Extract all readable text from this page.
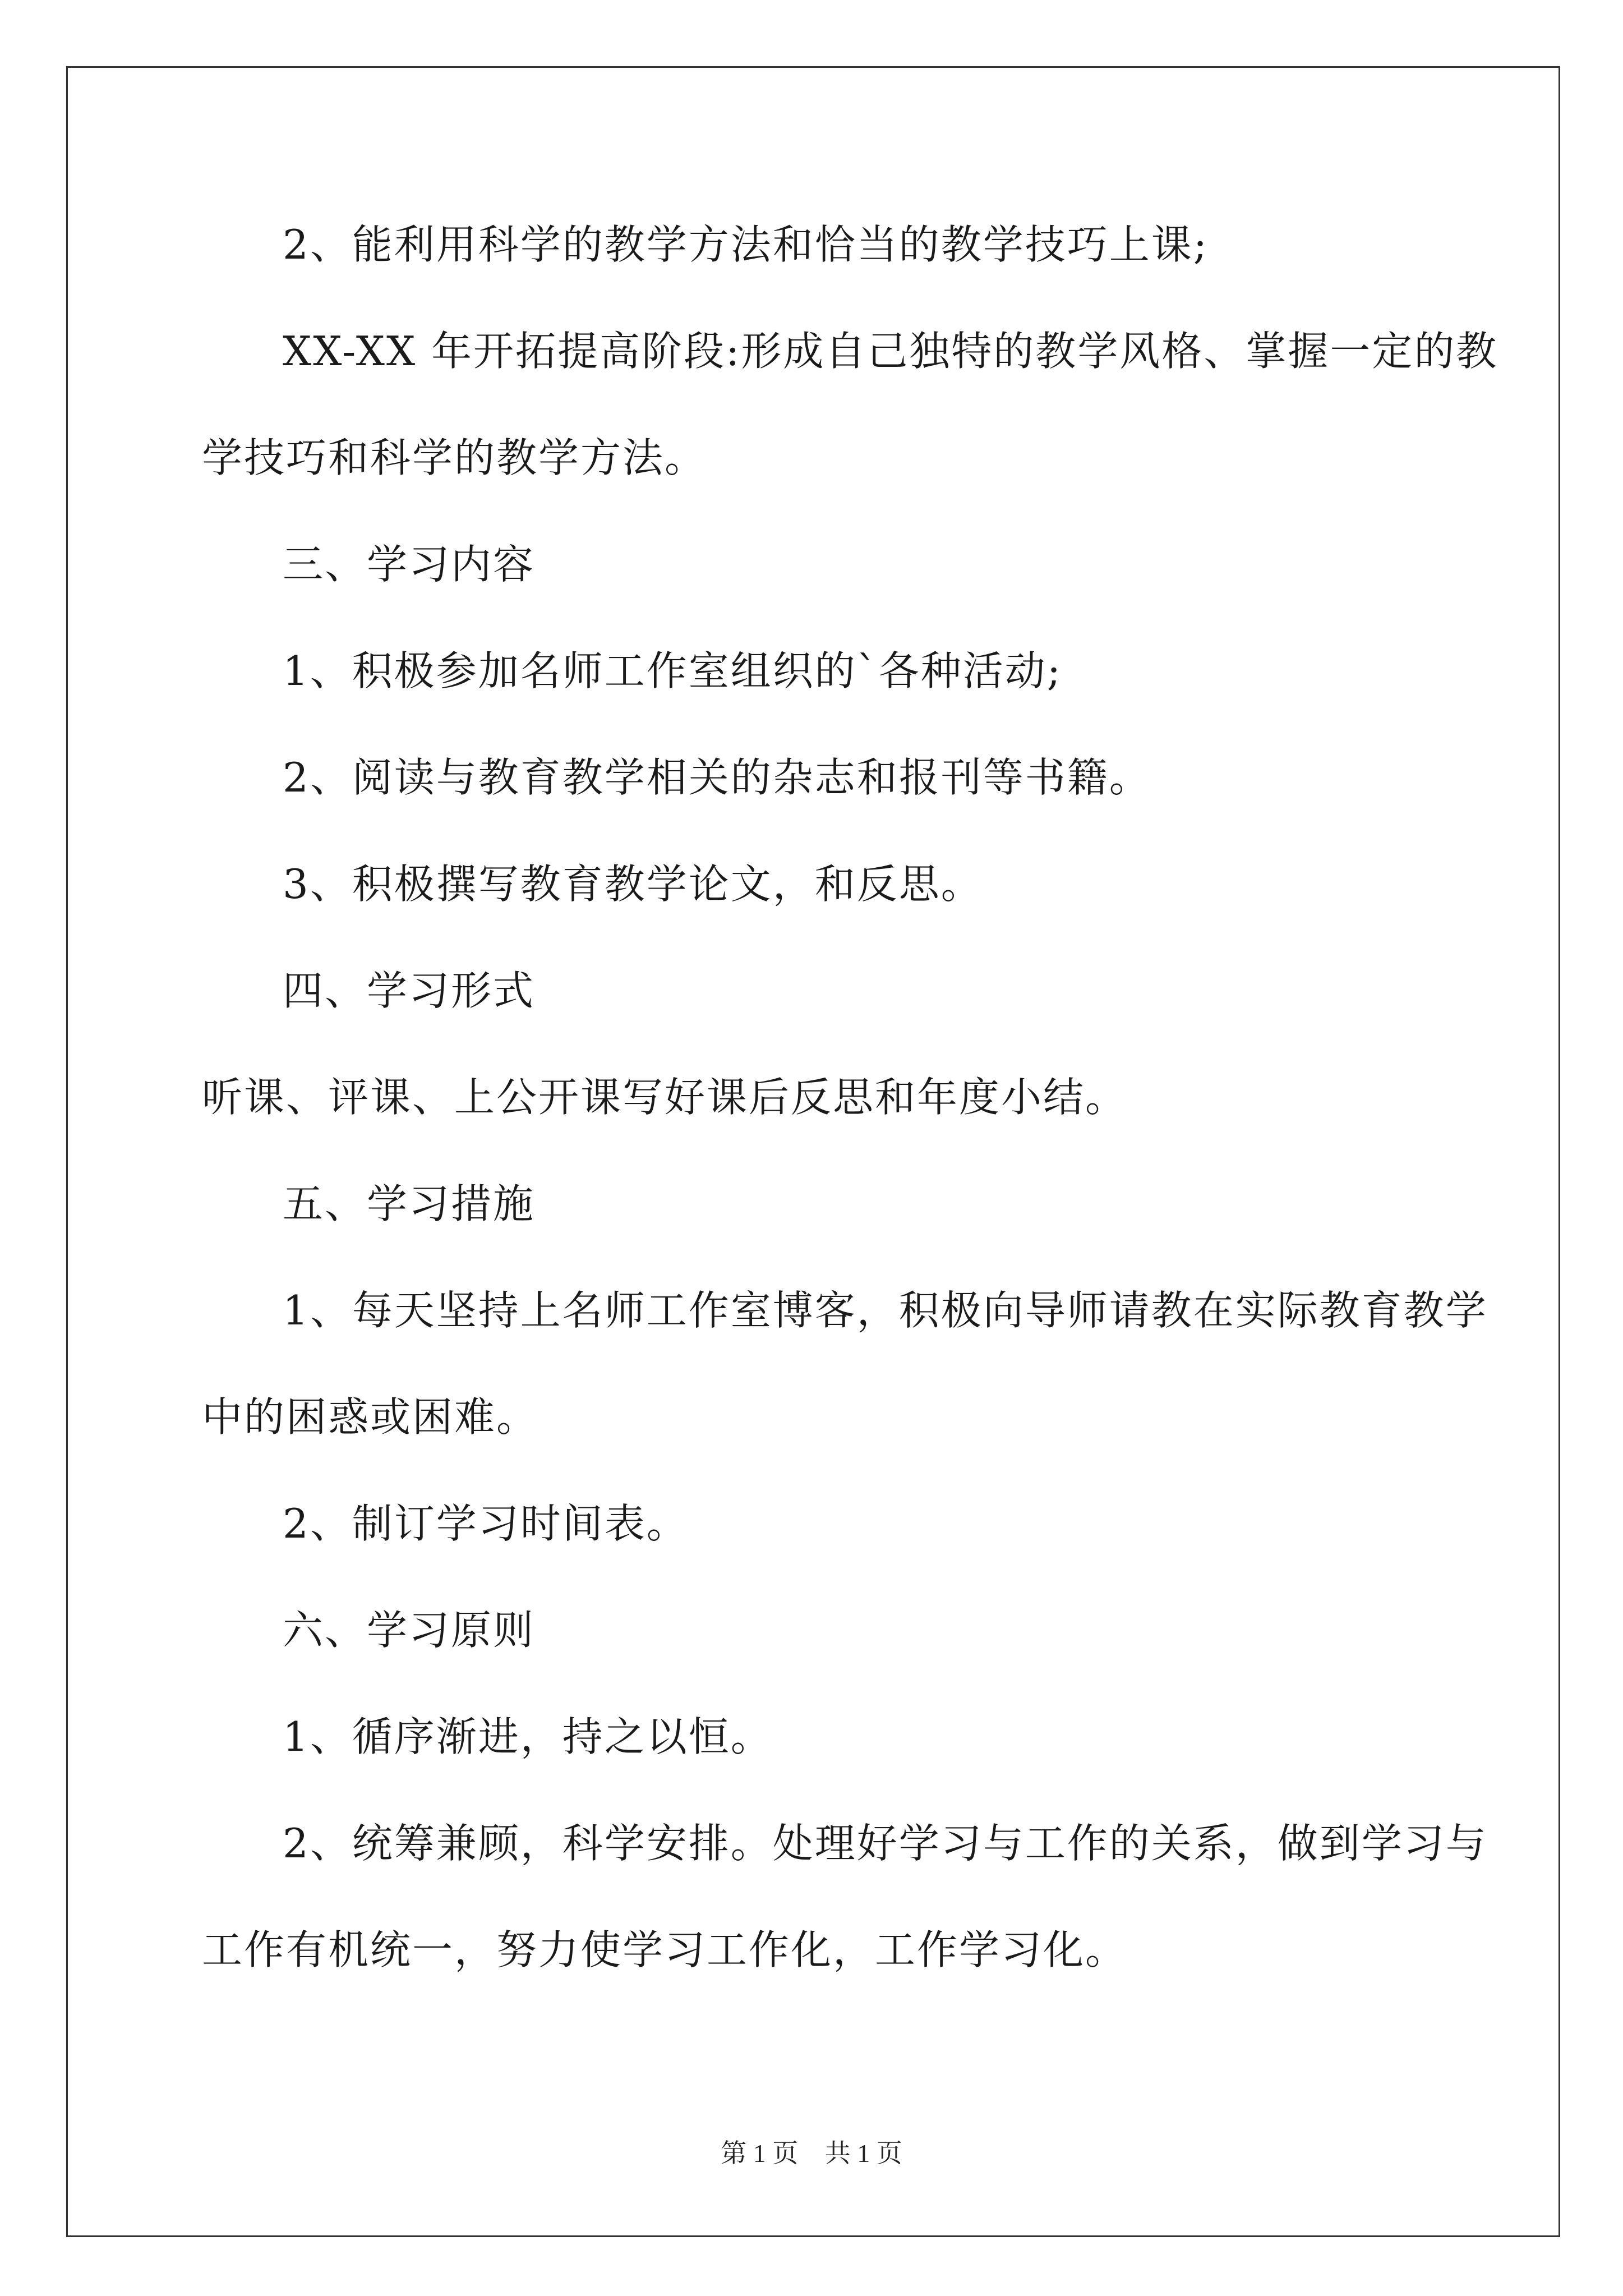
2、能利用科学的教学方法和恰当的教学技巧上课;

XX-XX 年开拓提高阶段:形成自己独特的教学风格、掌握一定的教

学技巧和科学的教学方法。

三、学习内容

1、积极参加名师工作室组织的`各种活动;

2、阅读与教育教学相关的杂志和报刊等书籍。

3、积极撰写教育教学论文，和反思。

四、学习形式

听课、评课、上公开课写好课后反思和年度小结。

五、学习措施

1、每天坚持上名师工作室博客，积极向导师请教在实际教育教学

中的困惑或困难。

2、制订学习时间表。

六、学习原则

1、循序渐进，持之以恒。

2、统筹兼顾，科学安排。处理好学习与工作的关系，做到学习与

工作有机统一，努力使学习工作化，工作学习化。

第 1 页 共 1 页
